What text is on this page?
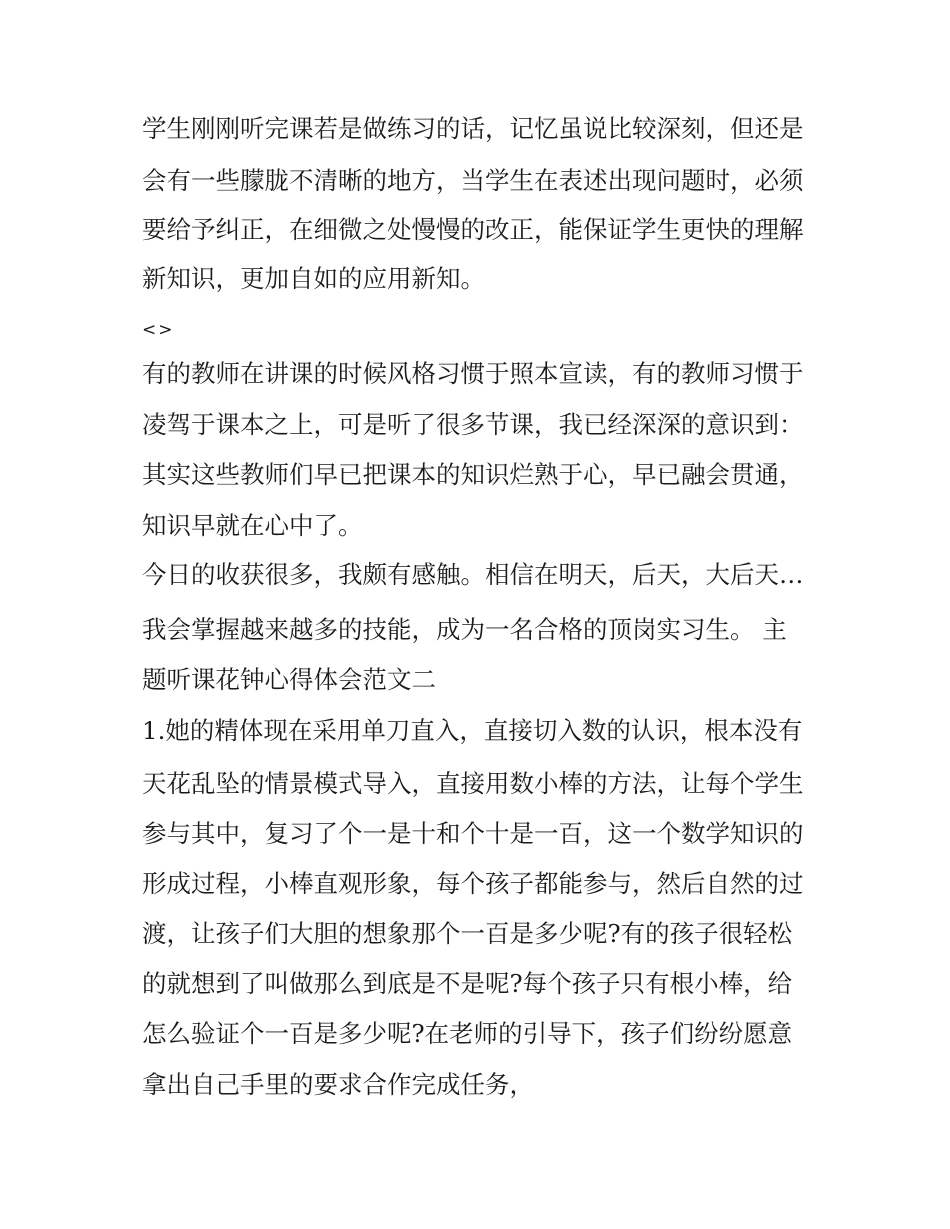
学生刚刚听完课若是做练习的话，记忆虽说比较深刻，但还是

会有一些朦胧不清晰的地方，当学生在表述出现问题时，必须

要给予纠正，在细微之处慢慢的改正，能保证学生更快的理解

新知识，更加自如的应用新知。

<>

有的教师在讲课的时候风格习惯于照本宣读，有的教师习惯于

凌驾于课本之上，可是听了很多节课，我已经深深的意识到：

其实这些教师们早已把课本的知识烂熟于心，早已融会贯通，

知识早就在心中了。

今日的收获很多，我颇有感触。相信在明天，后天，大后天…

我会掌握越来越多的技能，成为一名合格的顶岗实习生。 主

题听课花钟心得体会范文二

1.她的精体现在采用单刀直入，直接切入数的认识，根本没有

天花乱坠的情景模式导入，直接用数小棒的方法，让每个学生

参与其中，复习了个一是十和个十是一百，这一个数学知识的

形成过程，小棒直观形象，每个孩子都能参与，然后自然的过

渡，让孩子们大胆的想象那个一百是多少呢?有的孩子很轻松

的就想到了叫做那么到底是不是呢?每个孩子只有根小棒，给

怎么验证个一百是多少呢?在老师的引导下，孩子们纷纷愿意

拿出自己手里的要求合作完成任务，
